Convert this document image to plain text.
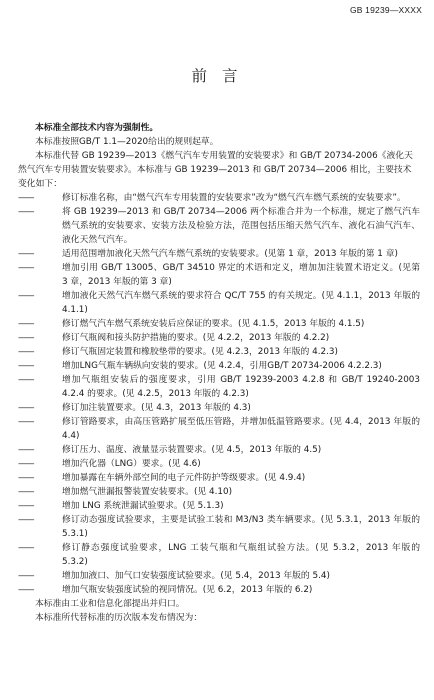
GB 19239—XXXX
前 言

本标准全部技术内容为强制性。

本标准按照GB/T 1.1—2020给出的规则起草。

本标准代替 GB 19239—2013《燃气汽车专用装置的安装要求》和 GB/T 20734-2006《液化天然气汽车专用装置安装要求》。本标准与 GB 19239—2013 和 GB/T 20734—2006 相比，主要技术变化如下：

——	修订标准名称，由“燃气汽车专用装置的安装要求”改为“燃气汽车燃气系统的安装要求”。
——	将 GB 19239—2013 和 GB/T 20734—2006 两个标准合并为一个标准，规定了燃气汽车燃气系统的安装要求、安装方法及检验方法，范围包括压缩天然气汽车、液化石油气汽车、液化天然气汽车。
——	适用范围增加液化天然气汽车燃气系统的安装要求。(见第 1 章，2013 年版的第 1 章)
——	增加引用 GB/T 13005、GB/T 34510 界定的术语和定义，增加加注装置术语定义。(见第 3 章，2013 年版的第 3 章)
——	增加液化天然气汽车燃气系统的要求符合 QC/T 755 的有关规定。(见 4.1.1，2013 年版的 4.1.1)
——	修订燃气汽车燃气系统安装后应保证的要求。(见 4.1.5，2013 年版的 4.1.5)
——	修订气瓶阀和接头防护措施的要求。(见 4.2.2，2013 年版的 4.2.2)
——	修订气瓶固定装置和橡胶垫带的要求。(见 4.2.3，2013 年版的 4.2.3)
——	增加LNG气瓶车辆纵向安装的要求。(见 4.2.4，引用GB/T 20734-2006 4.2.2.3)
——	增加气瓶组安装后的强度要求，引用 GB/T 19239-2003 4.2.8 和 GB/T 19240-2003 4.2.4 的要求。(见 4.2.5，2013 年版的 4.2.3)
——	修订加注装置要求。(见 4.3，2013 年版的 4.3)
——	修订管路要求，由高压管路扩展至低压管路，并增加低温管路要求。(见 4.4，2013 年版的 4.4)
——	修订压力、温度、液量显示装置要求。(见 4.5，2013 年版的 4.5)
——	增加汽化器（LNG）要求。(见 4.6)
——	增加暴露在车辆外部空间的电子元件防护等级要求。(见 4.9.4)
——	增加燃气泄漏报警装置安装要求。(见 4.10)
——	增加 LNG 系统泄漏试验要求。(见 5.1.3)
——	修订动态强度试验要求，主要是试验工装和 M3/N3 类车辆要求。(见 5.3.1，2013 年版的 5.3.1)
——	修订静态强度试验要求，LNG 工装气瓶和气瓶组试验方法。(见 5.3.2，2013 年版的 5.3.2)
——	增加加液口、加气口安装强度试验要求。(见 5.4，2013 年版的 5.4)
——	增加气瓶安装强度试验的视同情况。(见 6.2，2013 年版的 6.2)

本标准由工业和信息化部提出并归口。

本标准所代替标准的历次版本发布情况为：
